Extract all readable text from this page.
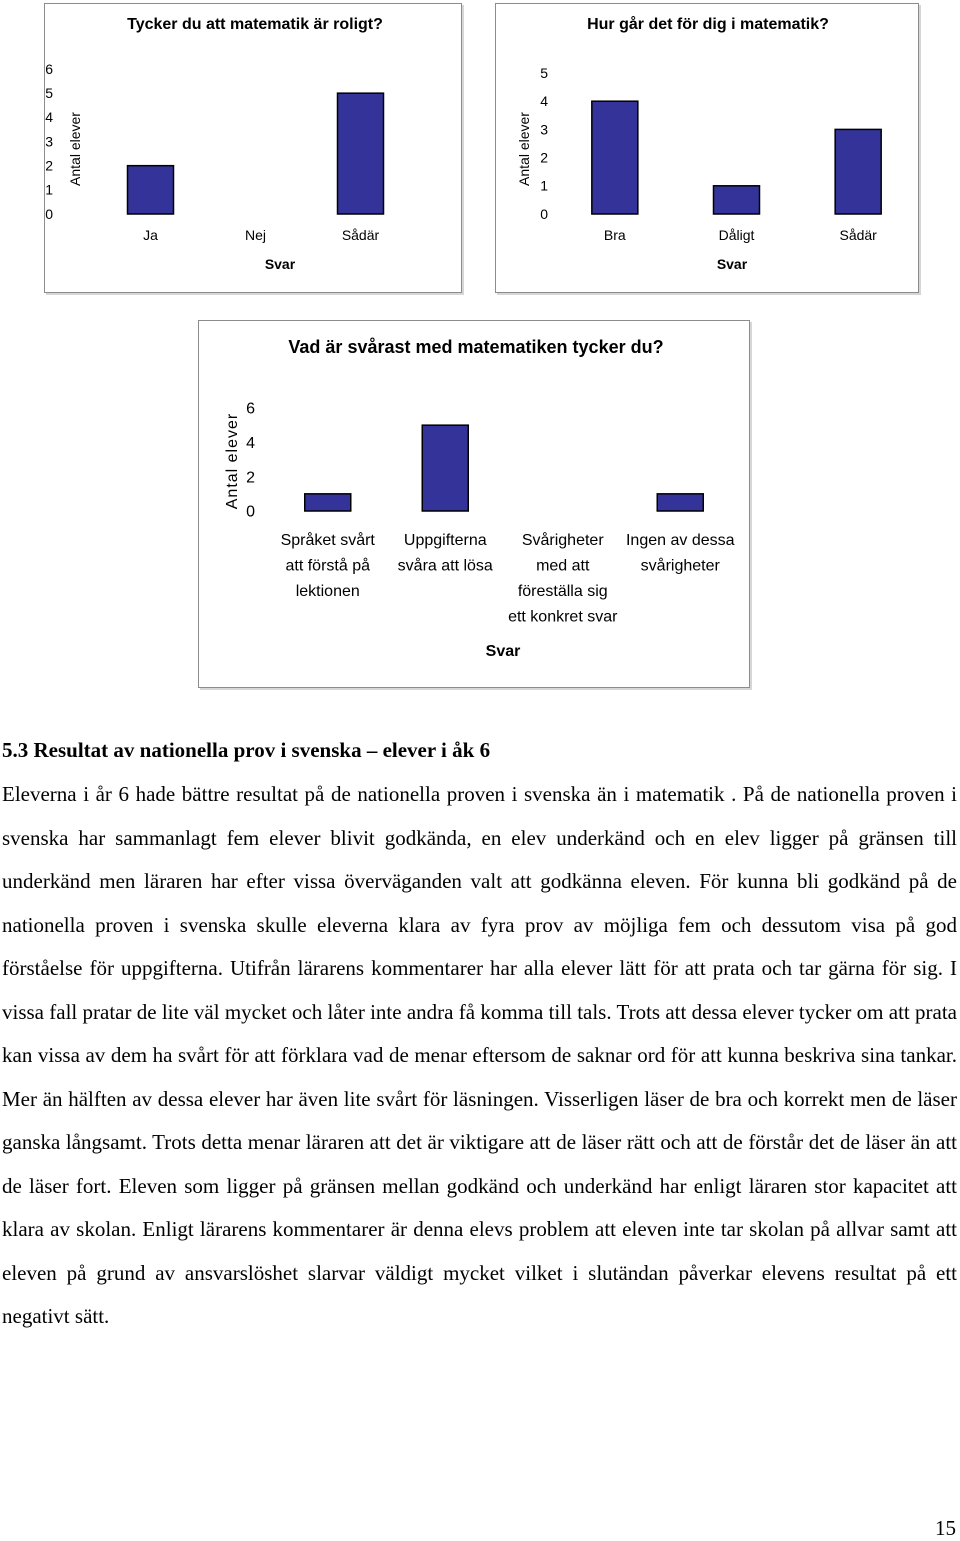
Tycker du att matematik är roligt?
Antal elever
Svar
0
1
2
3
4
5
6
Ja	Nej	Sådär
Hur går det för dig i matematik?
Antal elever
Svar
0
1
2
3
4
5
Bra	Dåligt	Sådär
Vad är svårast med matematiken tycker du?
Antal elever
Svar
0
2
4
6
Språket svårt att förstå på lektionen
Uppgifterna svåra att lösa
Svårigheter med att föreställa sig ett konkret svar
Ingen av dessa svårigheter
5.3 Resultat av nationella prov i svenska – elever i åk 6

Eleverna i år 6 hade bättre resultat på de nationella proven i svenska än i matematik . På de nationella proven i svenska har sammanlagt fem elever blivit godkända, en elev underkänd och en elev ligger på gränsen till underkänd men läraren har efter vissa överväganden valt att godkänna eleven. För kunna bli godkänd på de nationella proven i svenska skulle eleverna klara av fyra prov av möjliga fem och dessutom visa på god förståelse för uppgifterna. Utifrån lärarens kommentarer har alla elever lätt för att prata och tar gärna för sig. I vissa fall pratar de lite väl mycket och låter inte andra få komma till tals. Trots att dessa elever tycker om att prata kan vissa av dem ha svårt för att förklara vad de menar eftersom de saknar ord för att kunna beskriva sina tankar. Mer än hälften av dessa elever har även lite svårt för läsningen. Visserligen läser de bra och korrekt men de läser ganska långsamt. Trots detta menar läraren att det är viktigare att de läser rätt och att de förstår det de läser än att de läser fort. Eleven som ligger på gränsen mellan godkänd och underkänd har enligt läraren stor kapacitet att klara av skolan. Enligt lärarens kommentarer är denna elevs problem att eleven inte tar skolan på allvar samt att eleven på grund av ansvarslöshet slarvar väldigt mycket vilket i slutändan påverkar elevens resultat på ett negativt sätt.

15
